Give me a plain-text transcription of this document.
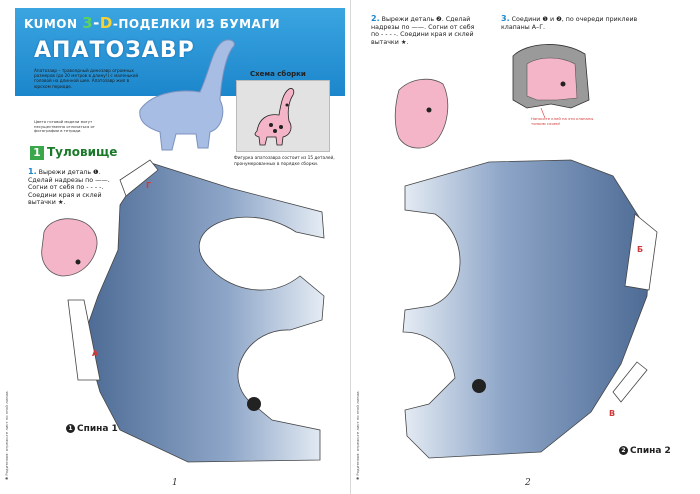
KUMON 3-D-ПОДЕЛКИ ИЗ БУМАГИ
АПАТОЗАВР
Апатозавр – травоядный динозавр огромных размеров (до 20 метров в длину!) с маленькой головой на длинной шее. Апатозавр жил в юрском периоде.
Цвета готовой модели могут несущественно отличаться от фотографии в тетради.
Схема сборки
Фигурка апатозавра состоит из 15 деталей, пронумерованных в порядке сборки.
1 Туловище
1. Вырежи деталь ❶. Сделай надрезы по ——. Согни от себя по - - - -. Соедини края и склей вытачки ★.
Г
А
1 Спина 1
1
✱ Родителям: отрежьте лист по этой линии.
2. Вырежи деталь ❷. Сделай надрезы по ——. Согни от себя по - - - -. Соедини края и склей вытачки ★.
3. Соедини ❶ и ❷, по очереди приклеив клапаны А–Г.
Наносите клей на эти клапаны тонким слоем!
Б
В
2 Спина 2
2
✱ Родителям: отрежьте лист по этой линии.
